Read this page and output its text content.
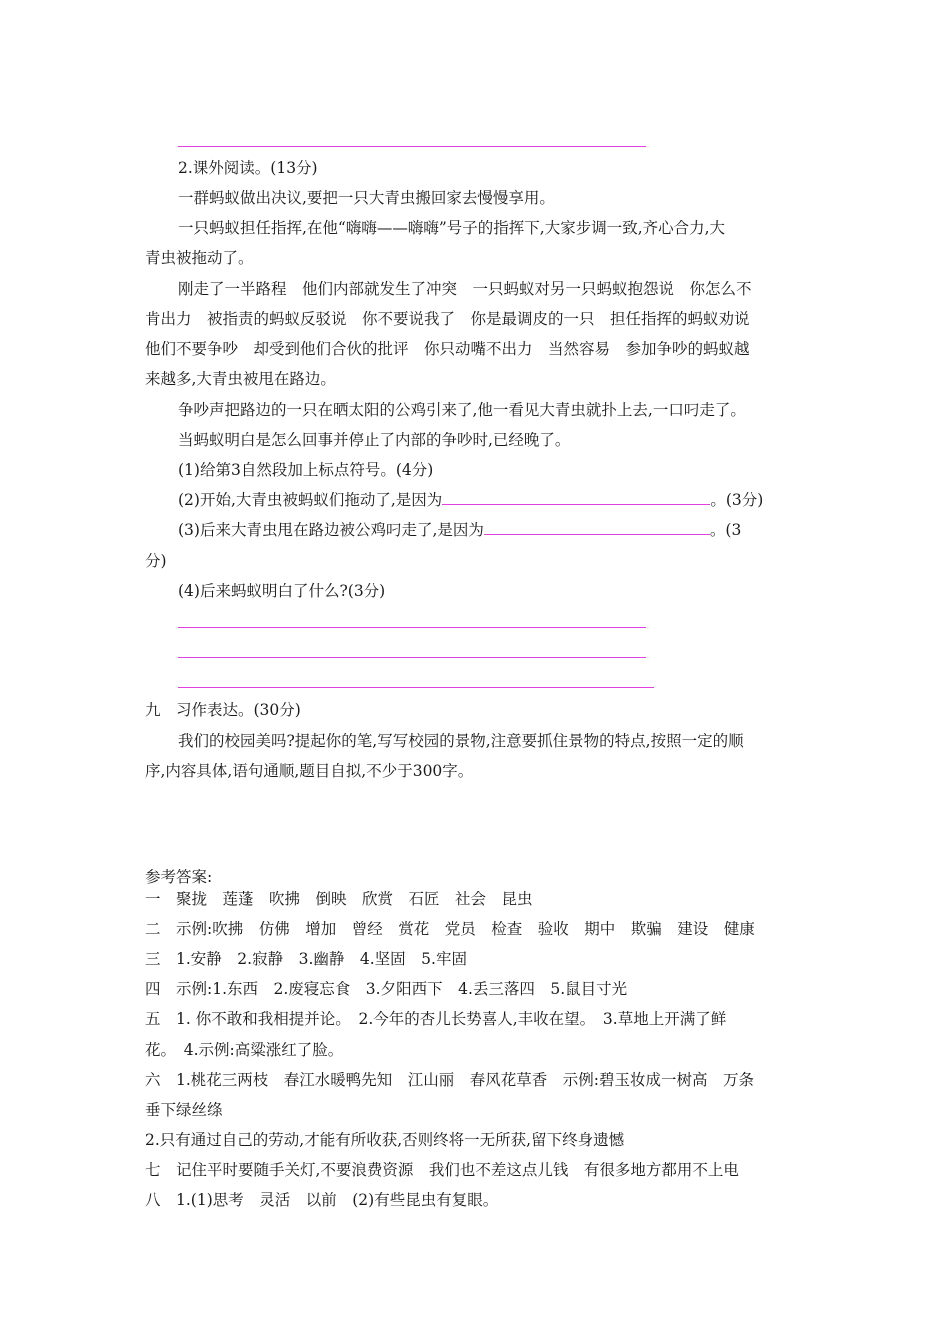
2.课外阅读。(13分)
一群蚂蚁做出决议,要把一只大青虫搬回家去慢慢享用。
一只蚂蚁担任指挥,在他“嗨嗨——嗨嗨”号子的指挥下,大家步调一致,齐心合力,大
青虫被拖动了。
刚走了一半路程　他们内部就发生了冲突　一只蚂蚁对另一只蚂蚁抱怨说　你怎么不
肯出力　被指责的蚂蚁反驳说　你不要说我了　你是最调皮的一只　担任指挥的蚂蚁劝说
他们不要争吵　却受到他们合伙的批评　你只动嘴不出力　当然容易　参加争吵的蚂蚁越
来越多,大青虫被甩在路边。
争吵声把路边的一只在晒太阳的公鸡引来了,他一看见大青虫就扑上去,一口叼走了。
当蚂蚁明白是怎么回事并停止了内部的争吵时,已经晚了。
(1)给第3自然段加上标点符号。(4分)
(2)开始,大青虫被蚂蚁们拖动了,是因为	。(3分)
(3)后来大青虫甩在路边被公鸡叼走了,是因为	。(3
分)
(4)后来蚂蚁明白了什么?(3分)
九　习作表达。(30分)
我们的校园美吗?提起你的笔,写写校园的景物,注意要抓住景物的特点,按照一定的顺
序,内容具体,语句通顺,题目自拟,不少于300字。
参考答案:
一　聚拢　莲蓬　吹拂　倒映　欣赏　石匠　社会　昆虫
二　示例:吹拂　仿佛　增加　曾经　赏花　党员　检查　验收　期中　欺骗　建设　健康
三　1.安静　2.寂静　3.幽静　4.坚固　5.牢固
四　示例:1.东西　2.废寝忘食　3.夕阳西下　4.丢三落四　5.鼠目寸光
五　1. 你不敢和我相提并论。　2.今年的杏儿长势喜人,丰收在望。　3.草地上开满了鲜
花。　4.示例:高粱涨红了脸。
六　1.桃花三两枝　春江水暖鸭先知　江山丽　春风花草香　示例:碧玉妆成一树高　万条
垂下绿丝绦
2.只有通过自己的劳动,才能有所收获,否则终将一无所获,留下终身遗憾
七　记住平时要随手关灯,不要浪费资源　我们也不差这点儿钱　有很多地方都用不上电
八　1.(1)思考　灵活　以前　(2)有些昆虫有复眼。
